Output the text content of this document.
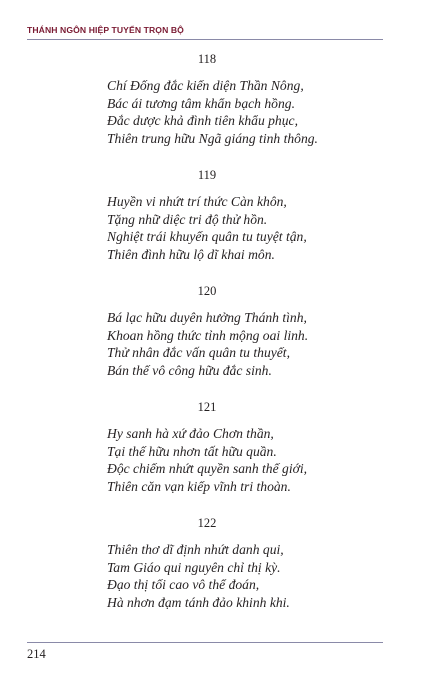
THÁNH NGÔN HIỆP TUYỂN TRỌN BỘ
118
Chí Đống đắc kiến diện Thần Nông,
Bác ái tương tâm khẩn bạch hồng.
Đắc dược khả đình tiên khẩu phục,
Thiên trung hữu Ngã giáng tinh thông.
119
Huyền vi nhứt trí thức Càn khôn,
Tặng nhữ diệc tri độ thử hồn.
Nghiệt trái khuyến quân tu tuyệt tận,
Thiên đình hữu lộ dĩ khai môn.
120
Bá lạc hữu duyên hưởng Thánh tình,
Khoan hồng thức tỉnh mộng oai linh.
Thử nhân đắc vấn quân tu thuyết,
Bán thế vô công hữu đắc sinh.
121
Hy sanh hà xứ đảo Chơn thần,
Tại thế hữu nhơn tất hữu quần.
Độc chiếm nhứt quyền sanh thế giới,
Thiên căn vạn kiếp vĩnh tri thoàn.
122
Thiên thơ dĩ định nhứt danh qui,
Tam Giáo qui nguyên chỉ thị kỳ.
Đạo thị tối cao vô thể đoán,
Hà nhơn đạm tánh đảo khinh khi.
214
